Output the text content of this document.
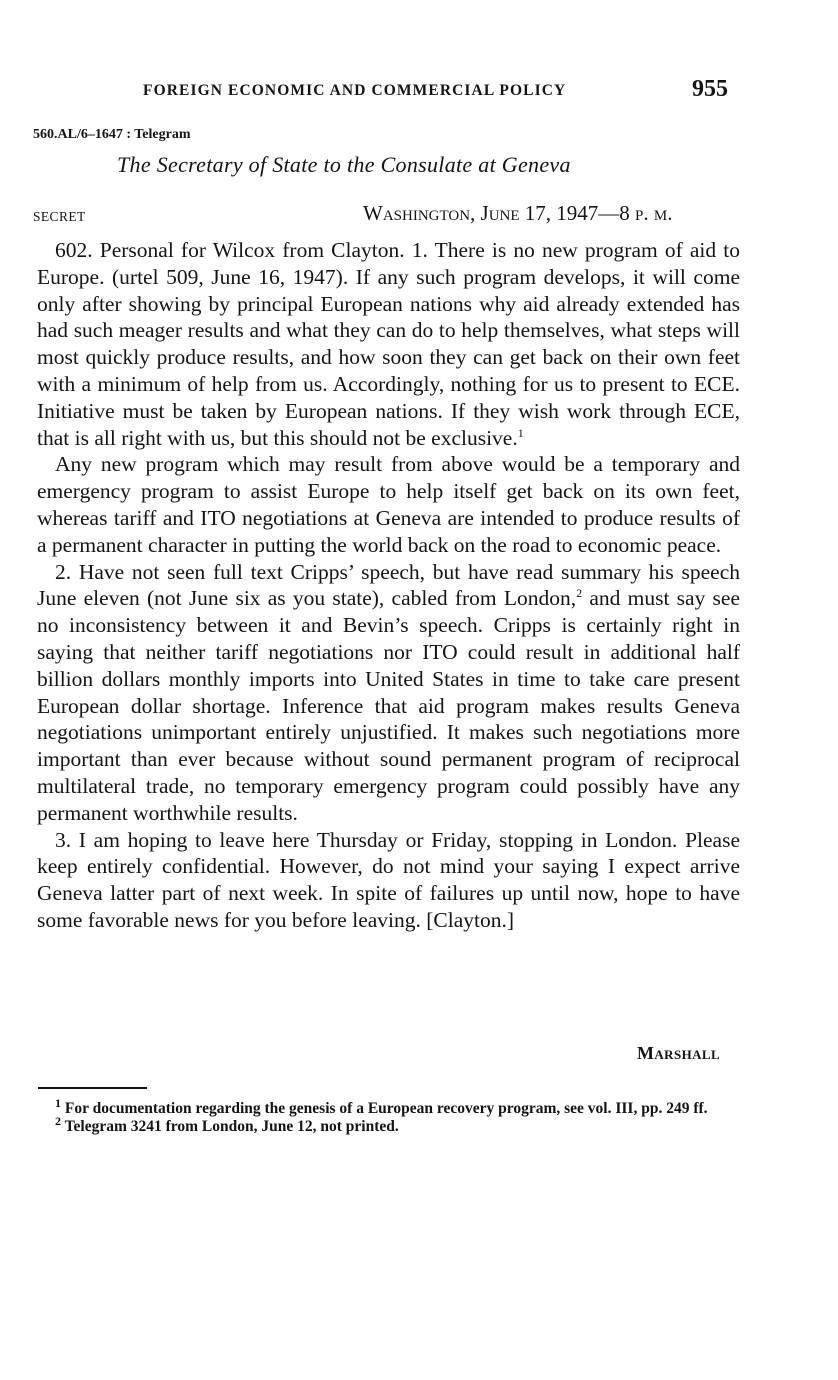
FOREIGN ECONOMIC AND COMMERCIAL POLICY	955
560.AL/6–1647 : Telegram
The Secretary of State to the Consulate at Geneva
SECRET	Washington, June 17, 1947—8 p. m.

602. Personal for Wilcox from Clayton. 1. There is no new program of aid to Europe. (urtel 509, June 16, 1947). If any such program develops, it will come only after showing by principal European nations why aid already extended has had such meager results and what they can do to help themselves, what steps will most quickly produce results, and how soon they can get back on their own feet with a minimum of help from us. Accordingly, nothing for us to present to ECE. Initiative must be taken by European nations. If they wish work through ECE, that is all right with us, but this should not be exclusive.$^1$

Any new program which may result from above would be a temporary and emergency program to assist Europe to help itself get back on its own feet, whereas tariff and ITO negotiations at Geneva are intended to produce results of a permanent character in putting the world back on the road to economic peace.

2. Have not seen full text Cripps’ speech, but have read summary his speech June eleven (not June six as you state), cabled from London,$^2$ and must say see no inconsistency between it and Bevin’s speech. Cripps is certainly right in saying that neither tariff negotiations nor ITO could result in additional half billion dollars monthly imports into United States in time to take care present European dollar shortage. Inference that aid program makes results Geneva negotiations unimportant entirely unjustified. It makes such negotiations more important than ever because without sound permanent program of reciprocal multilateral trade, no temporary emergency program could possibly have any permanent worthwhile results.

3. I am hoping to leave here Thursday or Friday, stopping in London. Please keep entirely confidential. However, do not mind your saying I expect arrive Geneva latter part of next week. In spite of failures up until now, hope to have some favorable news for you before leaving. [Clayton.]

Marshall

$^1$ For documentation regarding the genesis of a European recovery program, see vol. III, pp. 249 ff.

$^2$ Telegram 3241 from London, June 12, not printed.
